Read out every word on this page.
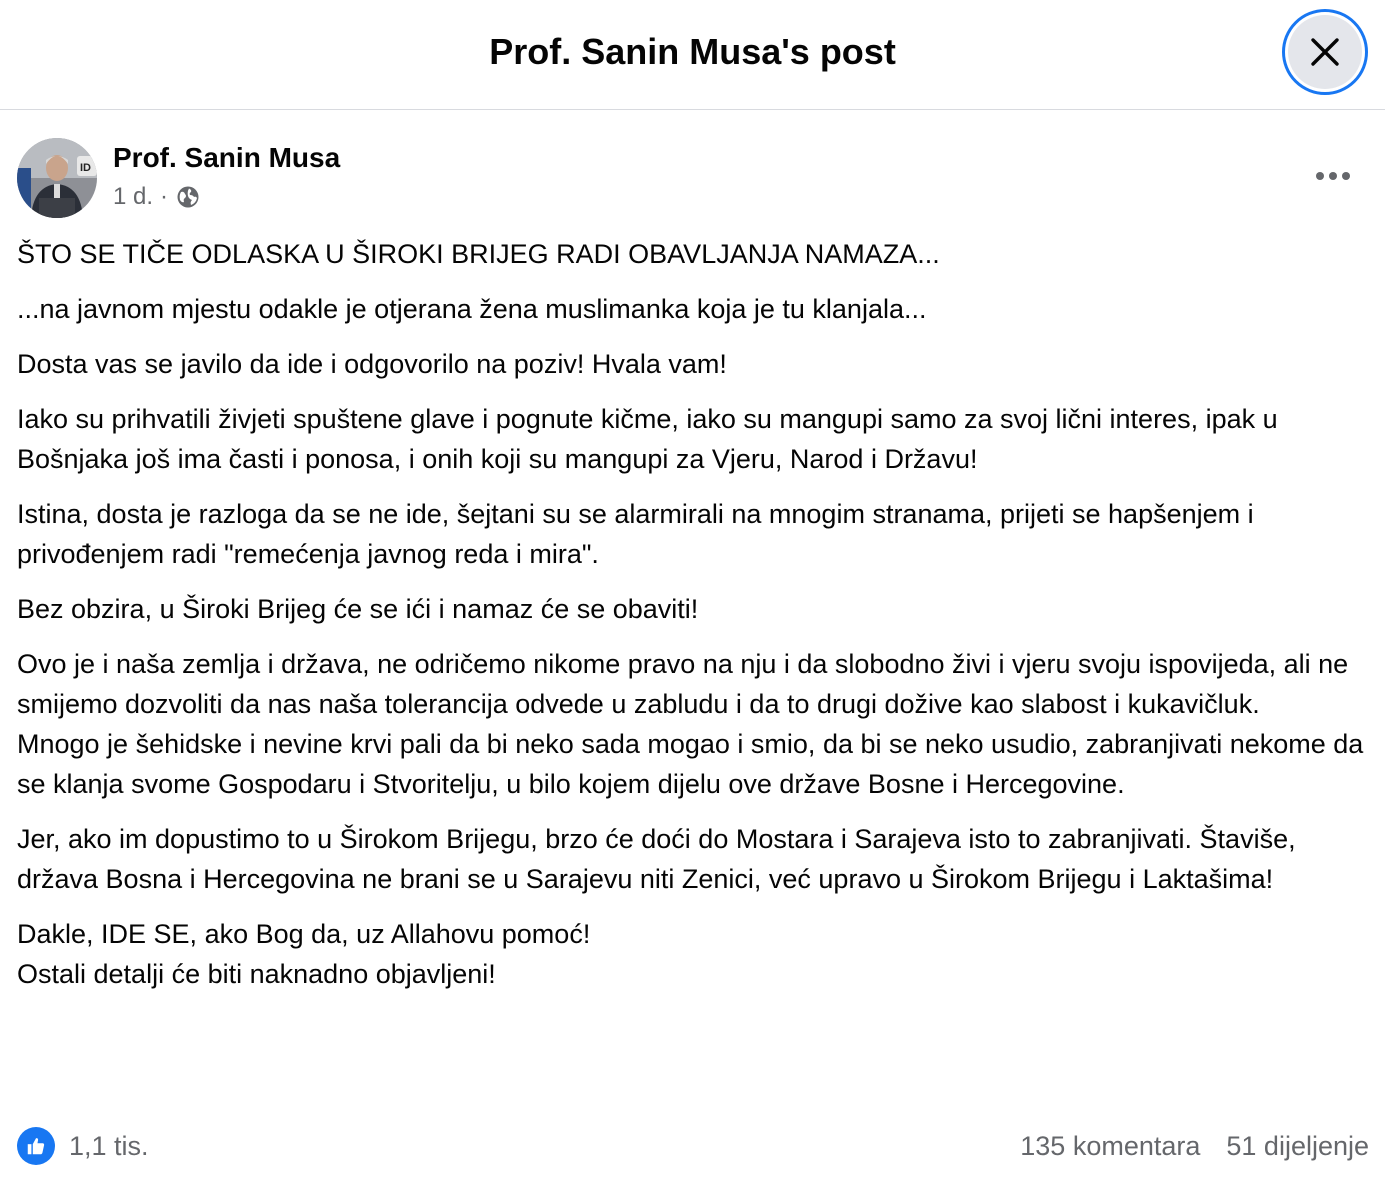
Prof. Sanin Musa's post
ID Prof. Sanin Musa
1 d. ·

ŠTO SE TIČE ODLASKA U ŠIROKI BRIJEG RADI OBAVLJANJA NAMAZA...

...na javnom mjestu odakle je otjerana žena muslimanka koja je tu klanjala...

Dosta vas se javilo da ide i odgovorilo na poziv! Hvala vam!

Iako su prihvatili živjeti spuštene glave i pognute kičme, iako su mangupi samo za svoj lični interes, ipak u Bošnjaka još ima časti i ponosa, i onih koji su mangupi za Vjeru, Narod i Državu!

Istina, dosta je razloga da se ne ide, šejtani su se alarmirali na mnogim stranama, prijeti se hapšenjem i privođenjem radi "remećenja javnog reda i mira".

Bez obzira, u Široki Brijeg će se ići i namaz će se obaviti!

Ovo je i naša zemlja i država, ne odričemo nikome pravo na nju i da slobodno živi i vjeru svoju ispovijeda, ali ne smijemo dozvoliti da nas naša tolerancija odvede u zabludu i da to drugi dožive kao slabost i kukavičluk.
Mnogo je šehidske i nevine krvi pali da bi neko sada mogao i smio, da bi se neko usudio, zabranjivati nekome da se klanja svome Gospodaru i Stvoritelju, u bilo kojem dijelu ove države Bosne i Hercegovine.

Jer, ako im dopustimo to u Širokom Brijegu, brzo će doći do Mostara i Sarajeva isto to zabranjivati. Štaviše, država Bosna i Hercegovina ne brani se u Sarajevu niti Zenici, već upravo u Širokom Brijegu i Laktašima!

Dakle, IDE SE, ako Bog da, uz Allahovu pomoć!
Ostali detalji će biti naknadno objavljeni!

1,1 tis.	135 komentara 51 dijeljenje
